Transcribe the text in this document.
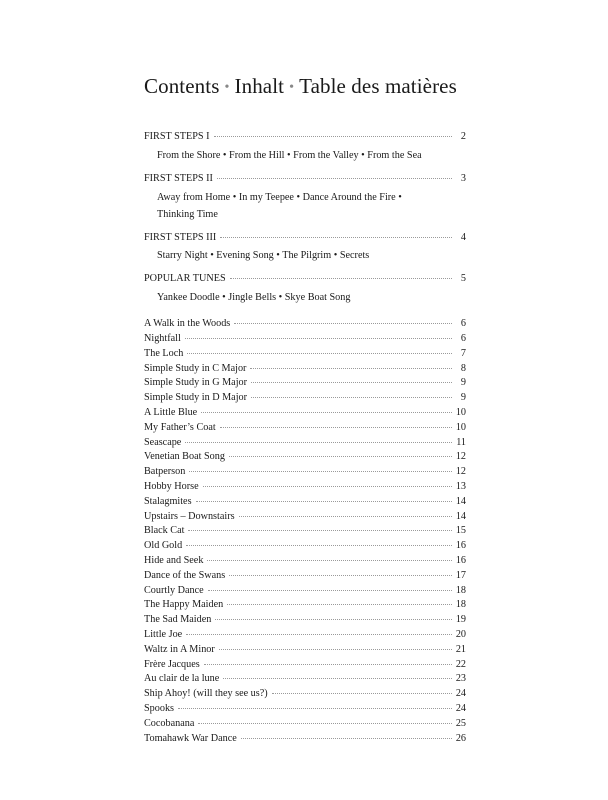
Contents • Inhalt • Table des matières
FIRST STEPS I	2
From the Shore • From the Hill • From the Valley • From the Sea
FIRST STEPS II	3
Away from Home • In my Teepee • Dance Around the Fire •
Thinking Time
FIRST STEPS III	4
Starry Night • Evening Song • The Pilgrim • Secrets
POPULAR TUNES	5
Yankee Doodle • Jingle Bells • Skye Boat Song
A Walk in the Woods	6
Nightfall	6
The Loch	7
Simple Study in C Major	8
Simple Study in G Major	9
Simple Study in D Major	9
A Little Blue	10
My Father’s Coat	10
Seascape	11
Venetian Boat Song	12
Batperson	12
Hobby Horse	13
Stalagmites	14
Upstairs – Downstairs	14
Black Cat	15
Old Gold	16
Hide and Seek	16
Dance of the Swans	17
Courtly Dance	18
The Happy Maiden	18
The Sad Maiden	19
Little Joe	20
Waltz in A Minor	21
Frère Jacques	22
Au clair de la lune	23
Ship Ahoy! (will they see us?)	24
Spooks	24
Cocobanana	25
Tomahawk War Dance	26
